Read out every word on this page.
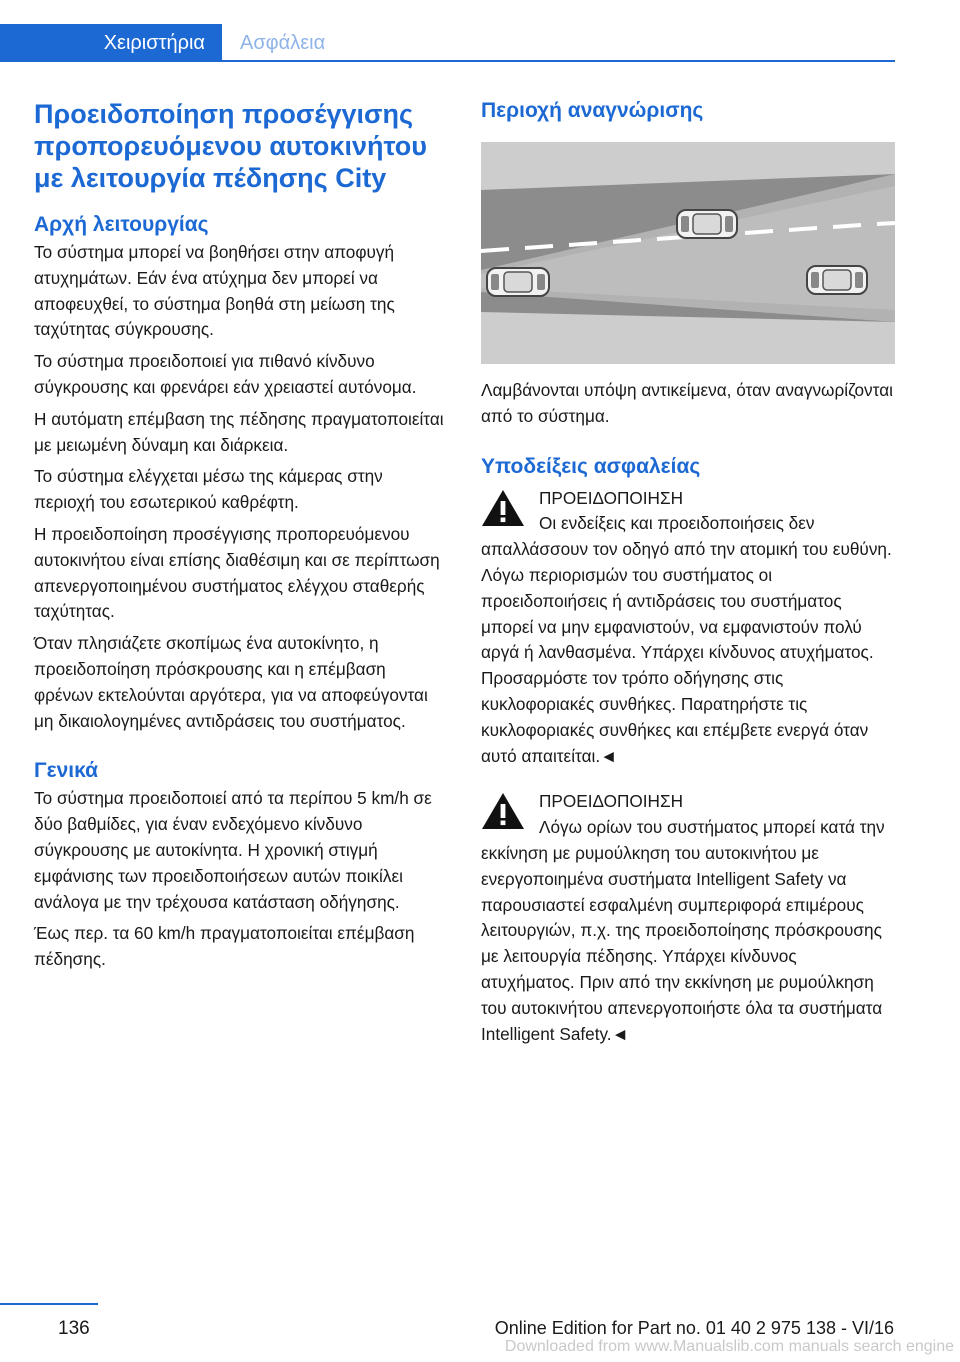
Χειριστήρια	Ασφάλεια
Προειδοποίηση προσέγγισης προπορευόμενου αυτοκινήτου με λειτουργία πέδησης City
Αρχή λειτουργίας

Το σύστημα μπορεί να βοηθήσει στην αποφυγή ατυχημάτων. Εάν ένα ατύχημα δεν μπορεί να αποφευχθεί, το σύστημα βοηθά στη μείωση της ταχύτητας σύγκρουσης.

Το σύστημα προειδοποιεί για πιθανό κίνδυνο σύγκρουσης και φρενάρει εάν χρειαστεί αυτόνομα.

Η αυτόματη επέμβαση της πέδησης πραγματοποιείται με μειωμένη δύναμη και διάρκεια.

Το σύστημα ελέγχεται μέσω της κάμερας στην περιοχή του εσωτερικού καθρέφτη.

Η προειδοποίηση προσέγγισης προπορευόμενου αυτοκινήτου είναι επίσης διαθέσιμη και σε περίπτωση απενεργοποιημένου συστήματος ελέγχου σταθερής ταχύτητας.

Όταν πλησιάζετε σκοπίμως ένα αυτοκίνητο, η προειδοποίηση πρόσκρουσης και η επέμβαση φρένων εκτελούνται αργότερα, για να αποφεύγονται μη δικαιολογημένες αντιδράσεις του συστήματος.

Γενικά

Το σύστημα προειδοποιεί από τα περίπου 5 km/h σε δύο βαθμίδες, για έναν ενδεχόμενο κίνδυνο σύγκρουσης με αυτοκίνητα. Η χρονική στιγμή εμφάνισης των προειδοποιήσεων αυτών ποικίλει ανάλογα με την τρέχουσα κατάσταση οδήγησης.

Έως περ. τα 60 km/h πραγματοποιείται επέμβαση πέδησης.

Περιοχή αναγνώρισης

Λαμβάνονται υπόψη αντικείμενα, όταν αναγνωρίζονται από το σύστημα.

Υποδείξεις ασφαλείας
ΠΡΟΕΙΔΟΠΟΙΗΣΗ
Οι ενδείξεις και προειδοποιήσεις δεν απαλλάσσουν τον οδηγό από την ατομική του ευθύνη. Λόγω περιορισμών του συστήματος οι προειδοποιήσεις ή αντιδράσεις του συστήματος μπορεί να μην εμφανιστούν, να εμφανιστούν πολύ αργά ή λανθασμένα. Υπάρχει κίνδυνος ατυχήματος. Προσαρμόστε τον τρόπο οδήγησης στις κυκλοφοριακές συνθήκες. Παρατηρήστε τις κυκλοφοριακές συνθήκες και επέμβετε ενεργά όταν αυτό απαιτείται.◄
ΠΡΟΕΙΔΟΠΟΙΗΣΗ
Λόγω ορίων του συστήματος μπορεί κατά την εκκίνηση με ρυμούλκηση του αυτοκινήτου με ενεργοποιημένα συστήματα Intelligent Safety να παρουσιαστεί εσφαλμένη συμπεριφορά επιμέρους λειτουργιών, π.χ. της προειδοποίησης πρόσκρουσης με λειτουργία πέδησης. Υπάρχει κίνδυνος ατυχήματος. Πριν από την εκκίνηση με ρυμούλκηση του αυτοκινήτου απενεργοποιήστε όλα τα συστήματα Intelligent Safety.◄
136	Online Edition for Part no. 01 40 2 975 138 - VI/16
Downloaded from www.Manualslib.com manuals search engine
